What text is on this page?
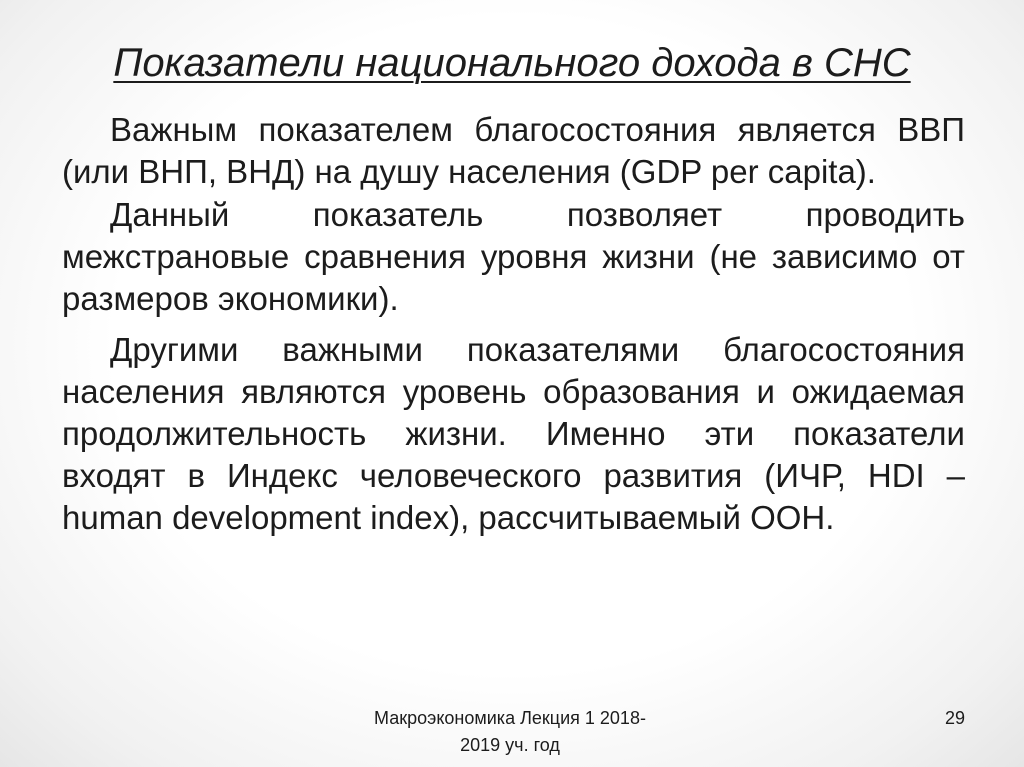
Показатели национального дохода в СНС
Важным показателем благосостояния является ВВП
(или ВНП, ВНД) на душу населения (GDP per capita).
Данный показатель позволяет проводить
межстрановые сравнения уровня жизни (не зависимо от
размеров экономики).
Другими важными показателями благосостояния
населения являются уровень образования и ожидаемая
продолжительность жизни. Именно эти показатели
входят в Индекс человеческого развития (ИЧР, HDI –
human development index), рассчитываемый ООН.
Макроэкономика Лекция 1 2018-
2019 уч. год
29
